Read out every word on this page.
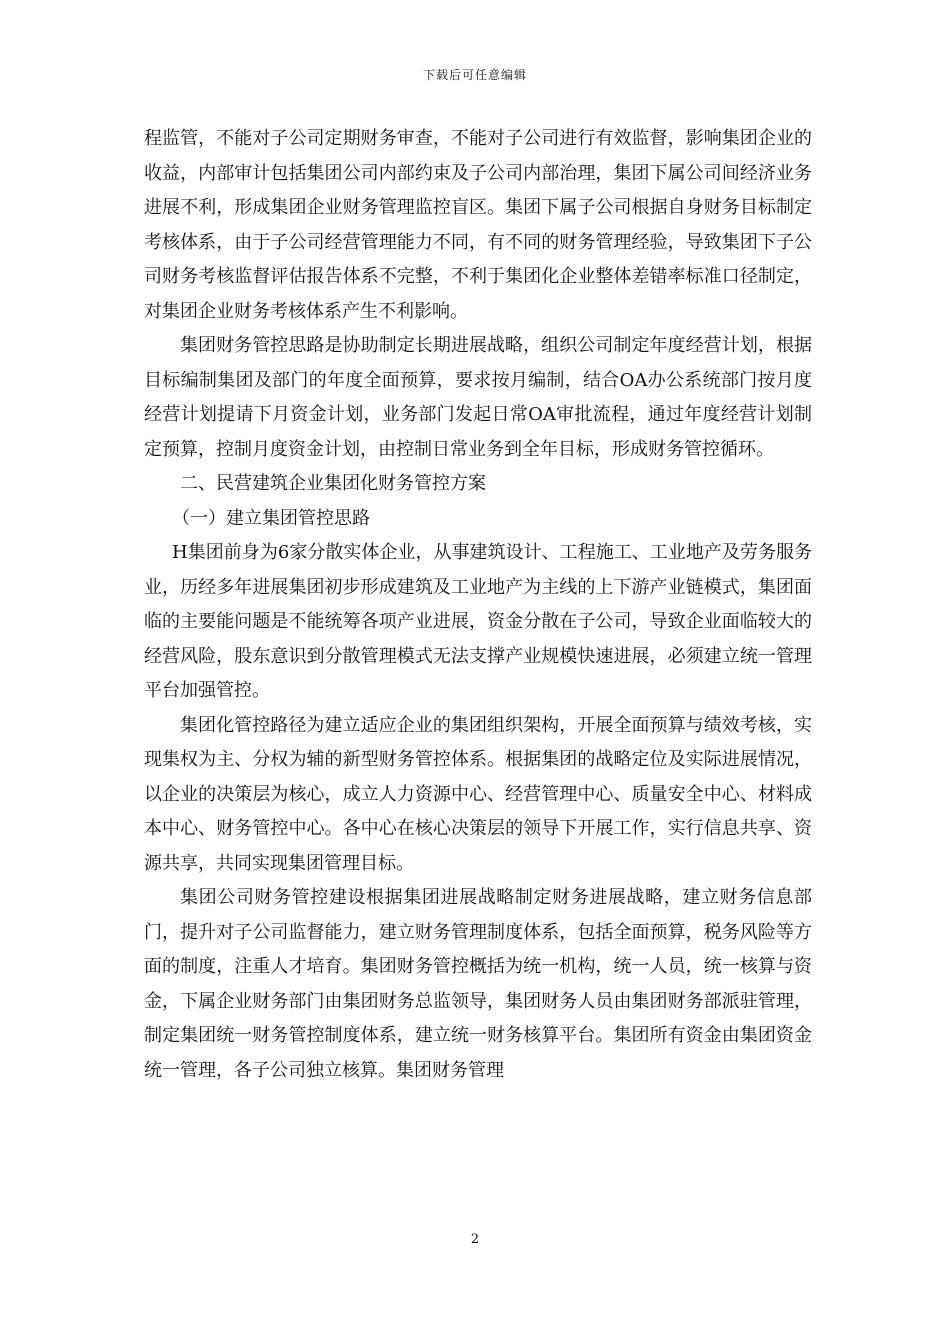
下载后可任意编辑

程监管，不能对子公司定期财务审查，不能对子公司进行有效监督，影响集团企业的收益，内部审计包括集团公司内部约束及子公司内部治理，集团下属公司间经济业务进展不利，形成集团企业财务管理监控盲区。集团下属子公司根据自身财务目标制定考核体系，由于子公司经营管理能力不同，有不同的财务管理经验，导致集团下子公司财务考核监督评估报告体系不完整，不利于集团化企业整体差错率标准口径制定，对集团企业财务考核体系产生不利影响。

集团财务管控思路是协助制定长期进展战略，组织公司制定年度经营计划，根据目标编制集团及部门的年度全面预算，要求按月编制，结合OA办公系统部门按月度经营计划提请下月资金计划，业务部门发起日常OA审批流程，通过年度经营计划制定预算，控制月度资金计划，由控制日常业务到全年目标，形成财务管控循环。

二、民营建筑企业集团化财务管控方案

（一）建立集团管控思路

H集团前身为6家分散实体企业，从事建筑设计、工程施工、工业地产及劳务服务业，历经多年进展集团初步形成建筑及工业地产为主线的上下游产业链模式，集团面临的主要能问题是不能统筹各项产业进展，资金分散在子公司，导致企业面临较大的经营风险，股东意识到分散管理模式无法支撑产业规模快速进展，必须建立统一管理平台加强管控。

集团化管控路径为建立适应企业的集团组织架构，开展全面预算与绩效考核，实现集权为主、分权为辅的新型财务管控体系。根据集团的战略定位及实际进展情况，以企业的决策层为核心，成立人力资源中心、经营管理中心、质量安全中心、材料成本中心、财务管控中心。各中心在核心决策层的领导下开展工作，实行信息共享、资源共享，共同实现集团管理目标。

集团公司财务管控建设根据集团进展战略制定财务进展战略，建立财务信息部门，提升对子公司监督能力，建立财务管理制度体系，包括全面预算，税务风险等方面的制度，注重人才培育。集团财务管控概括为统一机构，统一人员，统一核算与资金，下属企业财务部门由集团财务总监领导，集团财务人员由集团财务部派驻管理，制定集团统一财务管控制度体系，建立统一财务核算平台。集团所有资金由集团资金统一管理，各子公司独立核算。集团财务管理

2
